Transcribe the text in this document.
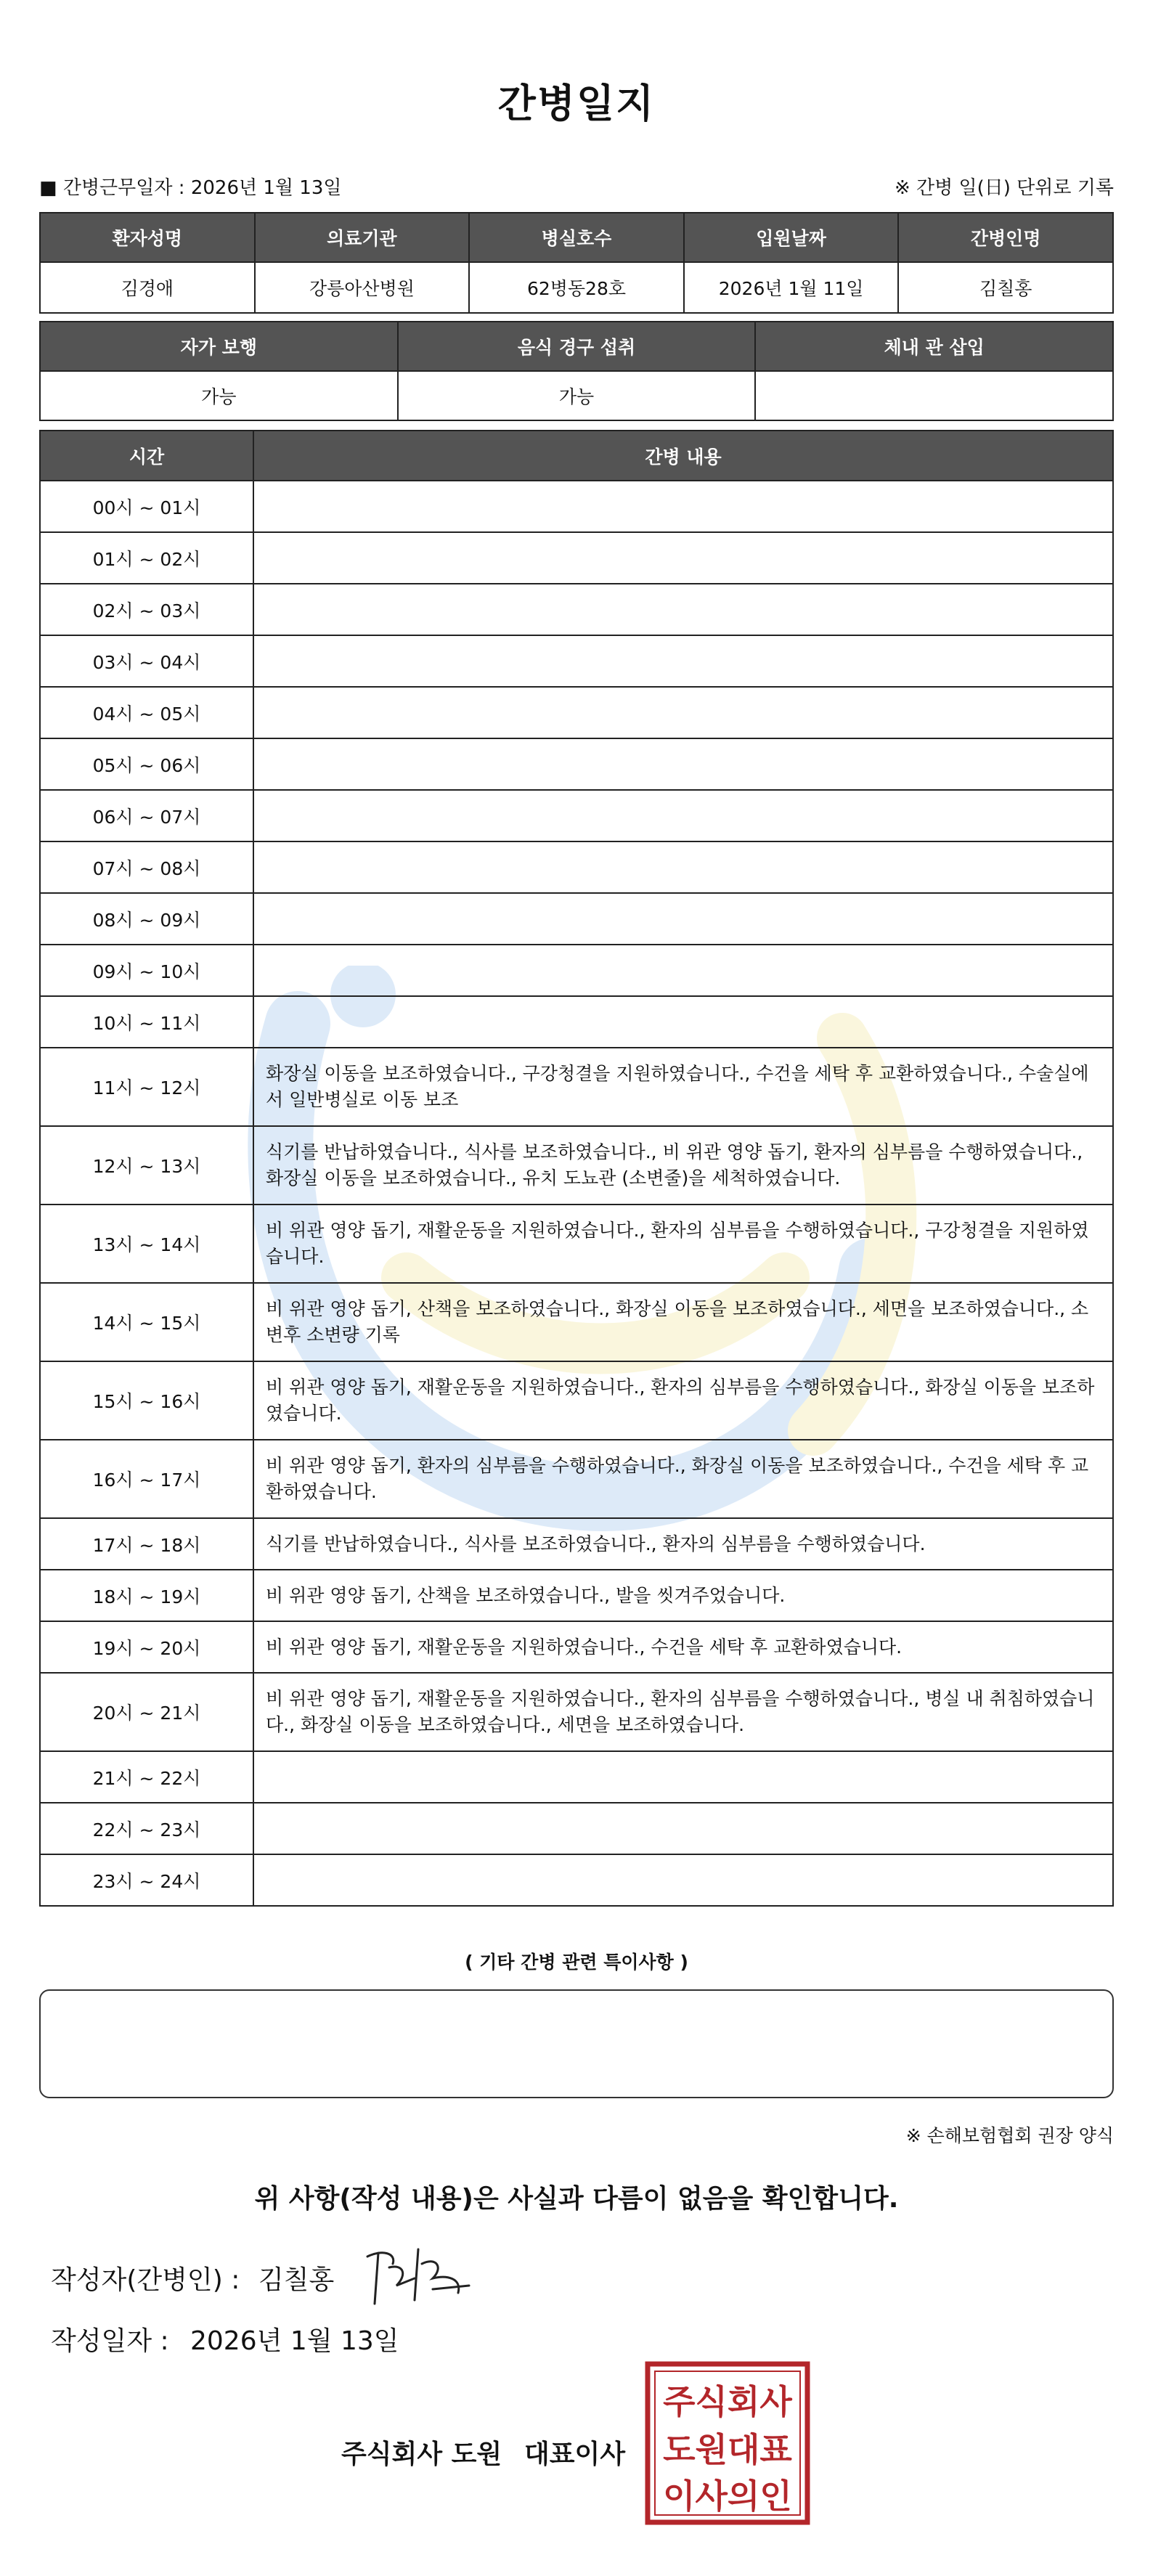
간병일지
■ 간병근무일자 : 2026년 1월 13일	※ 간병 일(日) 단위로 기록
환자성명	의료기관	병실호수	입원날짜	간병인명
김경애	강릉아산병원	62병동28호	2026년 1월 11일	김칠홍
자가 보행	음식 경구 섭취	체내 관 삽입
가능	가능	
시간	간병 내용
00시 ~ 01시	
01시 ~ 02시	
02시 ~ 03시	
03시 ~ 04시	
04시 ~ 05시	
05시 ~ 06시	
06시 ~ 07시	
07시 ~ 08시	
08시 ~ 09시	
09시 ~ 10시	
10시 ~ 11시	
11시 ~ 12시	화장실 이동을 보조하였습니다., 구강청결을 지원하였습니다., 수건을 세탁 후 교환하였습니다., 수술실에서 일반병실로 이동 보조
12시 ~ 13시	식기를 반납하였습니다., 식사를 보조하였습니다., 비 위관 영양 돕기, 환자의 심부름을 수행하였습니다., 화장실 이동을 보조하였습니다., 유치 도뇨관 (소변줄)을 세척하였습니다.
13시 ~ 14시	비 위관 영양 돕기, 재활운동을 지원하였습니다., 환자의 심부름을 수행하였습니다., 구강청결을 지원하였습니다.
14시 ~ 15시	비 위관 영양 돕기, 산책을 보조하였습니다., 화장실 이동을 보조하였습니다., 세면을 보조하였습니다., 소변후 소변량 기록
15시 ~ 16시	비 위관 영양 돕기, 재활운동을 지원하였습니다., 환자의 심부름을 수행하였습니다., 화장실 이동을 보조하였습니다.
16시 ~ 17시	비 위관 영양 돕기, 환자의 심부름을 수행하였습니다., 화장실 이동을 보조하였습니다., 수건을 세탁 후 교환하였습니다.
17시 ~ 18시	식기를 반납하였습니다., 식사를 보조하였습니다., 환자의 심부름을 수행하였습니다.
18시 ~ 19시	비 위관 영양 돕기, 산책을 보조하였습니다., 발을 씻겨주었습니다.
19시 ~ 20시	비 위관 영양 돕기, 재활운동을 지원하였습니다., 수건을 세탁 후 교환하였습니다.
20시 ~ 21시	비 위관 영양 돕기, 재활운동을 지원하였습니다., 환자의 심부름을 수행하였습니다., 병실 내 취침하였습니다., 화장실 이동을 보조하였습니다., 세면을 보조하였습니다.
21시 ~ 22시	
22시 ~ 23시	
23시 ~ 24시	
( 기타 간병 관련 특이사항 )
※ 손해보험협회 권장 양식
위 사항(작성 내용)은 사실과 다름이 없음을 확인합니다.
작성자(간병인) : 김칠홍
작성일자 : 2026년 1월 13일
주식회사 도원 대표이사
주식회사
도원대표
이사의인
